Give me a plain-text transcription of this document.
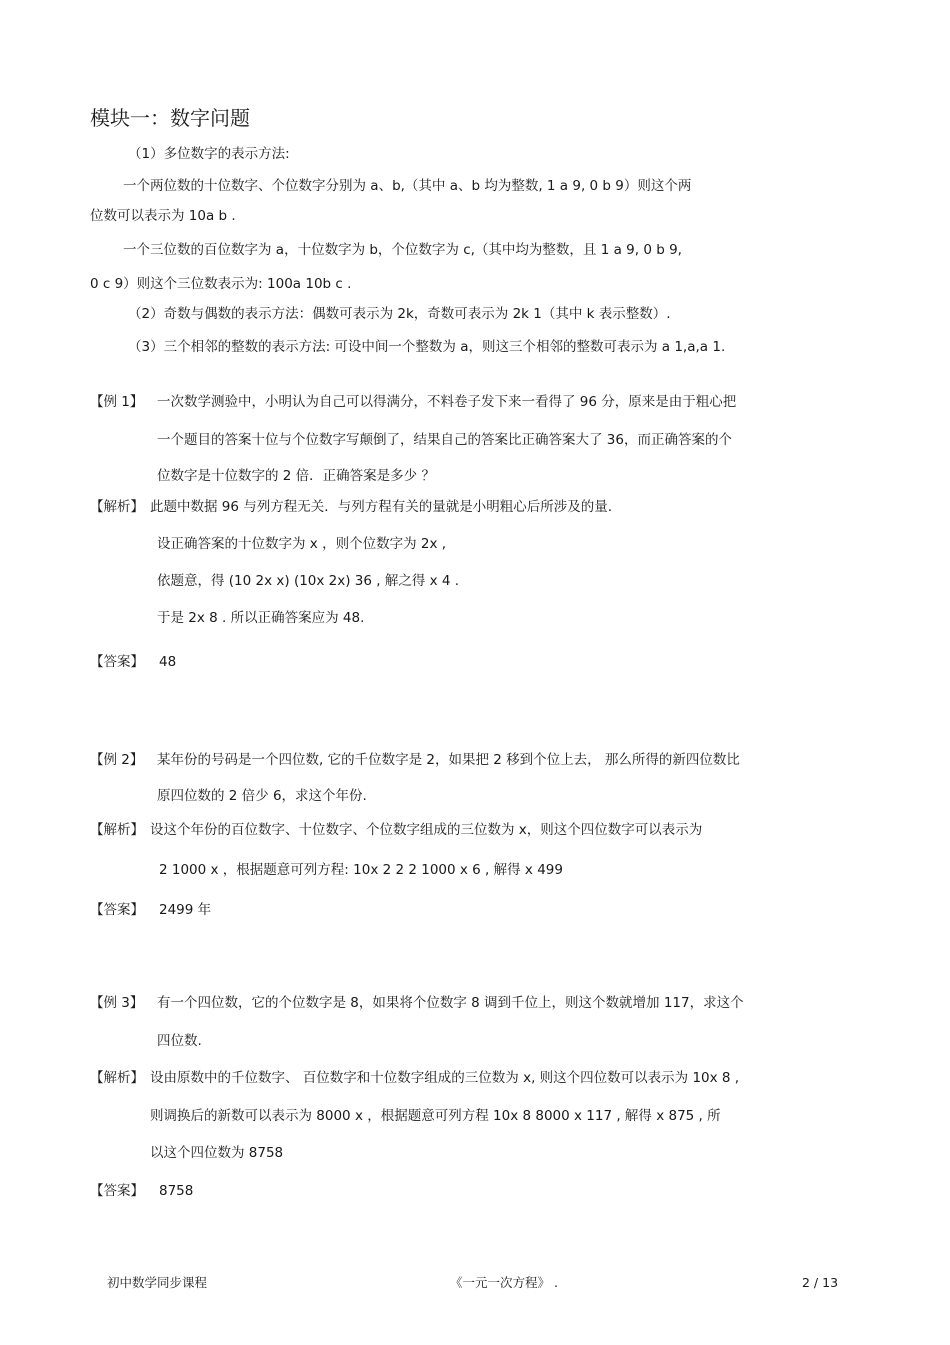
模块一：数字问题
（1）多位数字的表示方法:
一个两位数的十位数字、个位数字分别为 a、b,（其中 a、b 均为整数, 1 a 9, 0 b 9）则这个两
位数可以表示为 10a b .
一个三位数的百位数字为 a，十位数字为 b，个位数字为 c,（其中均为整数，且 1 a 9, 0 b 9,
0 c 9）则这个三位数表示为: 100a 10b c .
（2）奇数与偶数的表示方法：偶数可表示为 2k，奇数可表示为 2k 1（其中 k 表示整数）.
（3）三个相邻的整数的表示方法: 可设中间一个整数为 a，则这三个相邻的整数可表示为 a 1,a,a 1.
【例 1】 一次数学测验中，小明认为自己可以得满分，不料卷子发下来一看得了 96 分，原来是由于粗心把
一个题目的答案十位与个位数字写颠倒了，结果自己的答案比正确答案大了 36，而正确答案的个
位数字是十位数字的 2 倍．正确答案是多少 ？
【解析】 此题中数据 96 与列方程无关．与列方程有关的量就是小明粗心后所涉及的量.
设正确答案的十位数字为 x ，则个位数字为 2x ,
依题意，得 (10 2x x) (10x 2x) 36 , 解之得 x 4 .
于是 2x 8 . 所以正确答案应为 48.
【答案】 48
【例 2】 某年份的号码是一个四位数, 它的千位数字是 2，如果把 2 移到个位上去， 那么所得的新四位数比
原四位数的 2 倍少 6，求这个年份.
【解析】 设这个年份的百位数字、十位数字、个位数字组成的三位数为 x，则这个四位数字可以表示为
2 1000 x ，根据题意可列方程: 10x 2 2 2 1000 x 6 , 解得 x 499
【答案】 2499 年
【例 3】 有一个四位数，它的个位数字是 8，如果将个位数字 8 调到千位上，则这个数就增加 117，求这个
四位数.
【解析】 设由原数中的千位数字、 百位数字和十位数字组成的三位数为 x, 则这个四位数可以表示为 10x 8 ,
则调换后的新数可以表示为 8000 x ，根据题意可列方程 10x 8 8000 x 117 , 解得 x 875 , 所
以这个四位数为 8758
【答案】 8758
初中数学同步课程	《一元一次方程》 .	2 / 13
